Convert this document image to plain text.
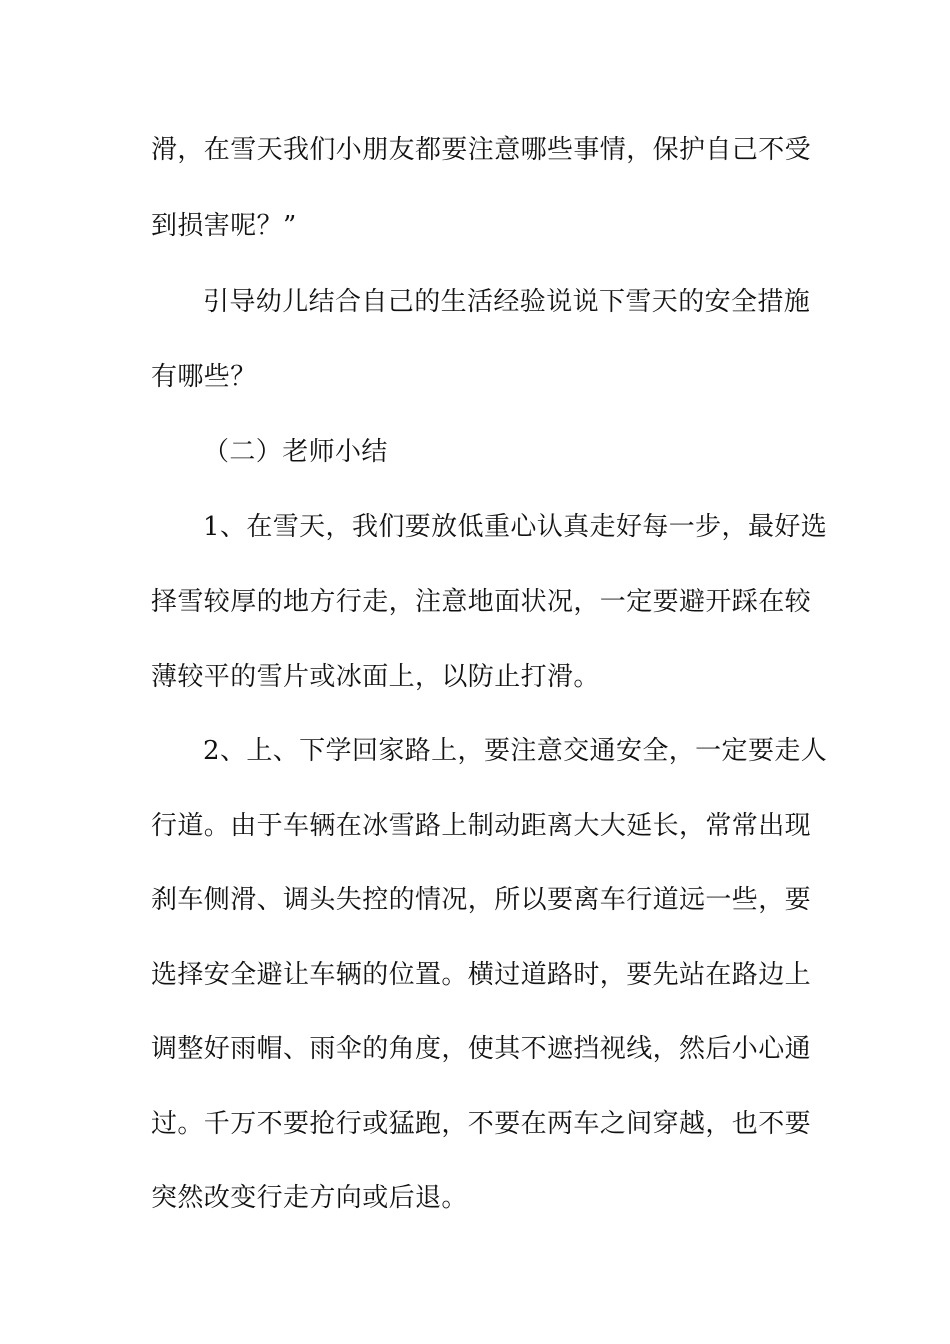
滑，在雪天我们小朋友都要注意哪些事情，保护自己不受
到损害呢？”
引导幼儿结合自己的生活经验说说下雪天的安全措施
有哪些？
（二）老师小结
1、在雪天，我们要放低重心认真走好每一步，最好选
择雪较厚的地方行走，注意地面状况，一定要避开踩在较
薄较平的雪片或冰面上，以防止打滑。
2、上、下学回家路上，要注意交通安全，一定要走人
行道。由于车辆在冰雪路上制动距离大大延长，常常出现
刹车侧滑、调头失控的情况，所以要离车行道远一些，要
选择安全避让车辆的位置。横过道路时，要先站在路边上
调整好雨帽、雨伞的角度，使其不遮挡视线，然后小心通
过。千万不要抢行或猛跑，不要在两车之间穿越，也不要
突然改变行走方向或后退。
